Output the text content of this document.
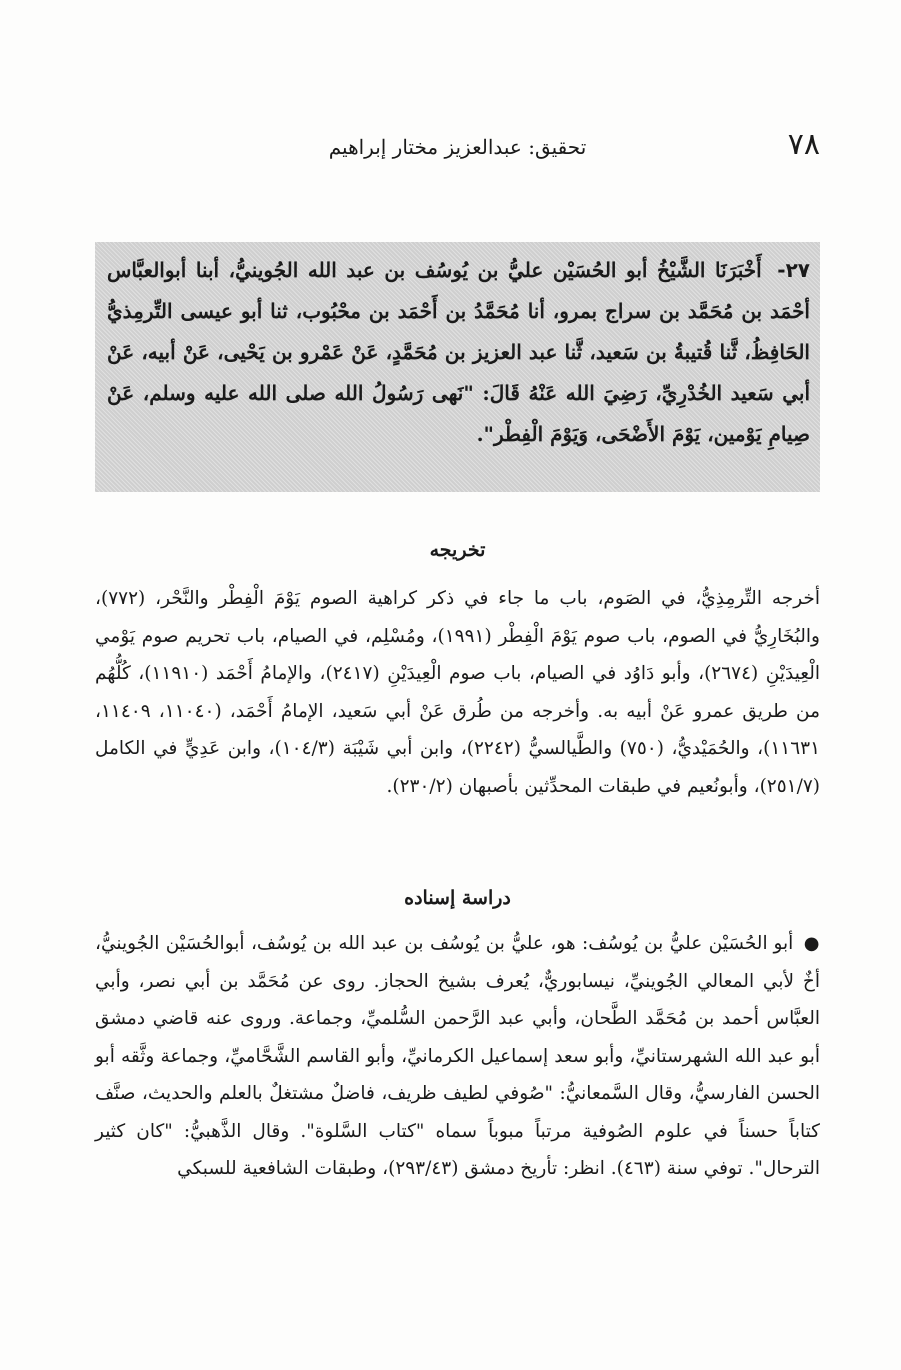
٧٨
تحقيق: عبدالعزيز مختار إبراهيم
٢٧- أَخْبَرَنَا الشَّيْخُ أبو الحُسَيْن عليُّ بن يُوسُف بن عبد الله الجُوينيُّ، أبنا أبوالعبَّاس أحْمَد بن مُحَمَّد بن سراج بمرو، أنا مُحَمَّدُ بن أَحْمَد بن محْبُوب، ثنا أبو عيسى التِّرمِذيُّ الحَافِظُ، ثَّنا قُتيبةُ بن سَعيد، ثَّنا عبد العزيز بن مُحَمَّدٍ، عَنْ عَمْرو بن يَحْيى، عَنْ أبيه، عَنْ أبي سَعيد الخُدْرِيِّ، رَضِيَ الله عَنْهُ قَالَ: "نَهى رَسُولُ الله صلى الله عليه وسلم، عَنْ صِيامِ يَوْمين، يَوْمَ الأَضْحَى، وَيَوْمَ الْفِطْر".
تخريجه
أخرجه التِّرمِذِيُّ، في الصَوم، باب ما جاء في ذكر كراهية الصوم يَوْمَ الْفِطْر والنَّحْر، (٧٧٢)، والبُخَارِيُّ في الصوم، باب صوم يَوْمَ الْفِطْر (١٩٩١)، ومُسْلِم، في الصيام، باب تحريم صوم يَوْمي الْعِيدَيْنِ (٢٦٧٤)، وأبو دَاوُد في الصيام، باب صوم الْعِيدَيْنِ (٢٤١٧)، والإمامُ أَحْمَد (١١٩١٠)، كُلُّهُم من طريق عمرو عَنْ أبيه به. وأخرجه من طُرق عَنْ أبي سَعيد، الإمامُ أَحْمَد، (١١٠٤٠، ١١٤٠٩، ١١٦٣١)، والحُمَيْديُّ، (٧٥٠) والطَّيالسيُّ (٢٢٤٢)، وابن أبي شَيْبَة (١٠٤/٣)، وابن عَدِيٍّ في الكامل (٢٥١/٧)، وأبونُعيم في طبقات المحدِّثين بأصبهان (٢٣٠/٢).
دراسة إسناده
● أبو الحُسَيْن عليُّ بن يُوسُف: هو، عليُّ بن يُوسُف بن عبد الله بن يُوسُف، أبوالحُسَيْن الجُوينيُّ، أخٌ لأبي المعالي الجُوينيِّ، نيسابوريٌّ، يُعرف بشيخ الحجاز. روى عن مُحَمَّد بن أبي نصر، وأبي العبَّاس أحمد بن مُحَمَّد الطَّحان، وأبي عبد الرَّحمن السُّلميِّ، وجماعة. وروى عنه قاضي دمشق أبو عبد الله الشهرستانيِّ، وأبو سعد إسماعيل الكرمانيِّ، وأبو القاسم الشَّحَّاميِّ، وجماعة وثَّقه أبو الحسن الفارسيُّ، وقال السَّمعانيُّ: "صُوفي لطيف ظريف، فاضلٌ مشتغلٌ بالعلم والحديث، صنَّف كتاباً حسناً في علوم الصُوفية مرتباً مبوباً سماه "كتاب السَّلوة". وقال الذَّهبيُّ: "كان كثير الترحال". توفي سنة (٤٦٣). انظر: تأريخ دمشق (٢٩٣/٤٣)، وطبقات الشافعية للسبكي
